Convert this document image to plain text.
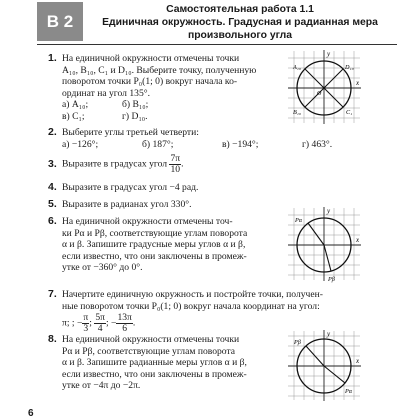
В 2
Самостоятельная работа 1.1
Единичная окружность. Градусная и радианная мера
произвольного угла
1. На единичной окружности отмечены точки
A₁₀, B₁₀, C₁ и D₁₀. Выберите точку, полученную
поворотом точки P₀(1; 0) вокруг начала ко-
ординат на угол 135°.
а) A₁₀;	б) B₁₀;
в) C₁;	г) D₁₀.
y
x
A₁₀	D₁₀
B₁₀	C₁
O
2. Выберите углы третьей четверти:
а) −126°;	б) 187°;	в) −194°;	г) 463°.
3. Выразите в градусах угол $\frac{7\pi}{10}$ .
4. Выразите в градусах угол −4 рад.
5. Выразите в радианах угол 330°.
6. На единичной окружности отмечены точ-
ки Pα и Pβ, соответствующие углам поворота
α и β. Запишите градусные меры углов α и β,
если известно, что они заключены в промеж-
утке от −360° до 0°.
y
x
Pα
Pβ
7. Начертите единичную окружность и постройте точки, получен-
ные поворотом точки P₀(1; 0) вокруг начала координат на угол:
π; ; − $\frac{\pi}{3}$ ; $\frac{5\pi}{4}$ ; − $\frac{13\pi}{6}$ .
8. На единичной окружности отмечены точки
Pα и Pβ, соответствующие углам поворота
α и β. Запишите радианные меры углов α и β,
если известно, что они заключены в промеж-
утке от −4π до −2π.
y
x
Pβ
Pα
6
